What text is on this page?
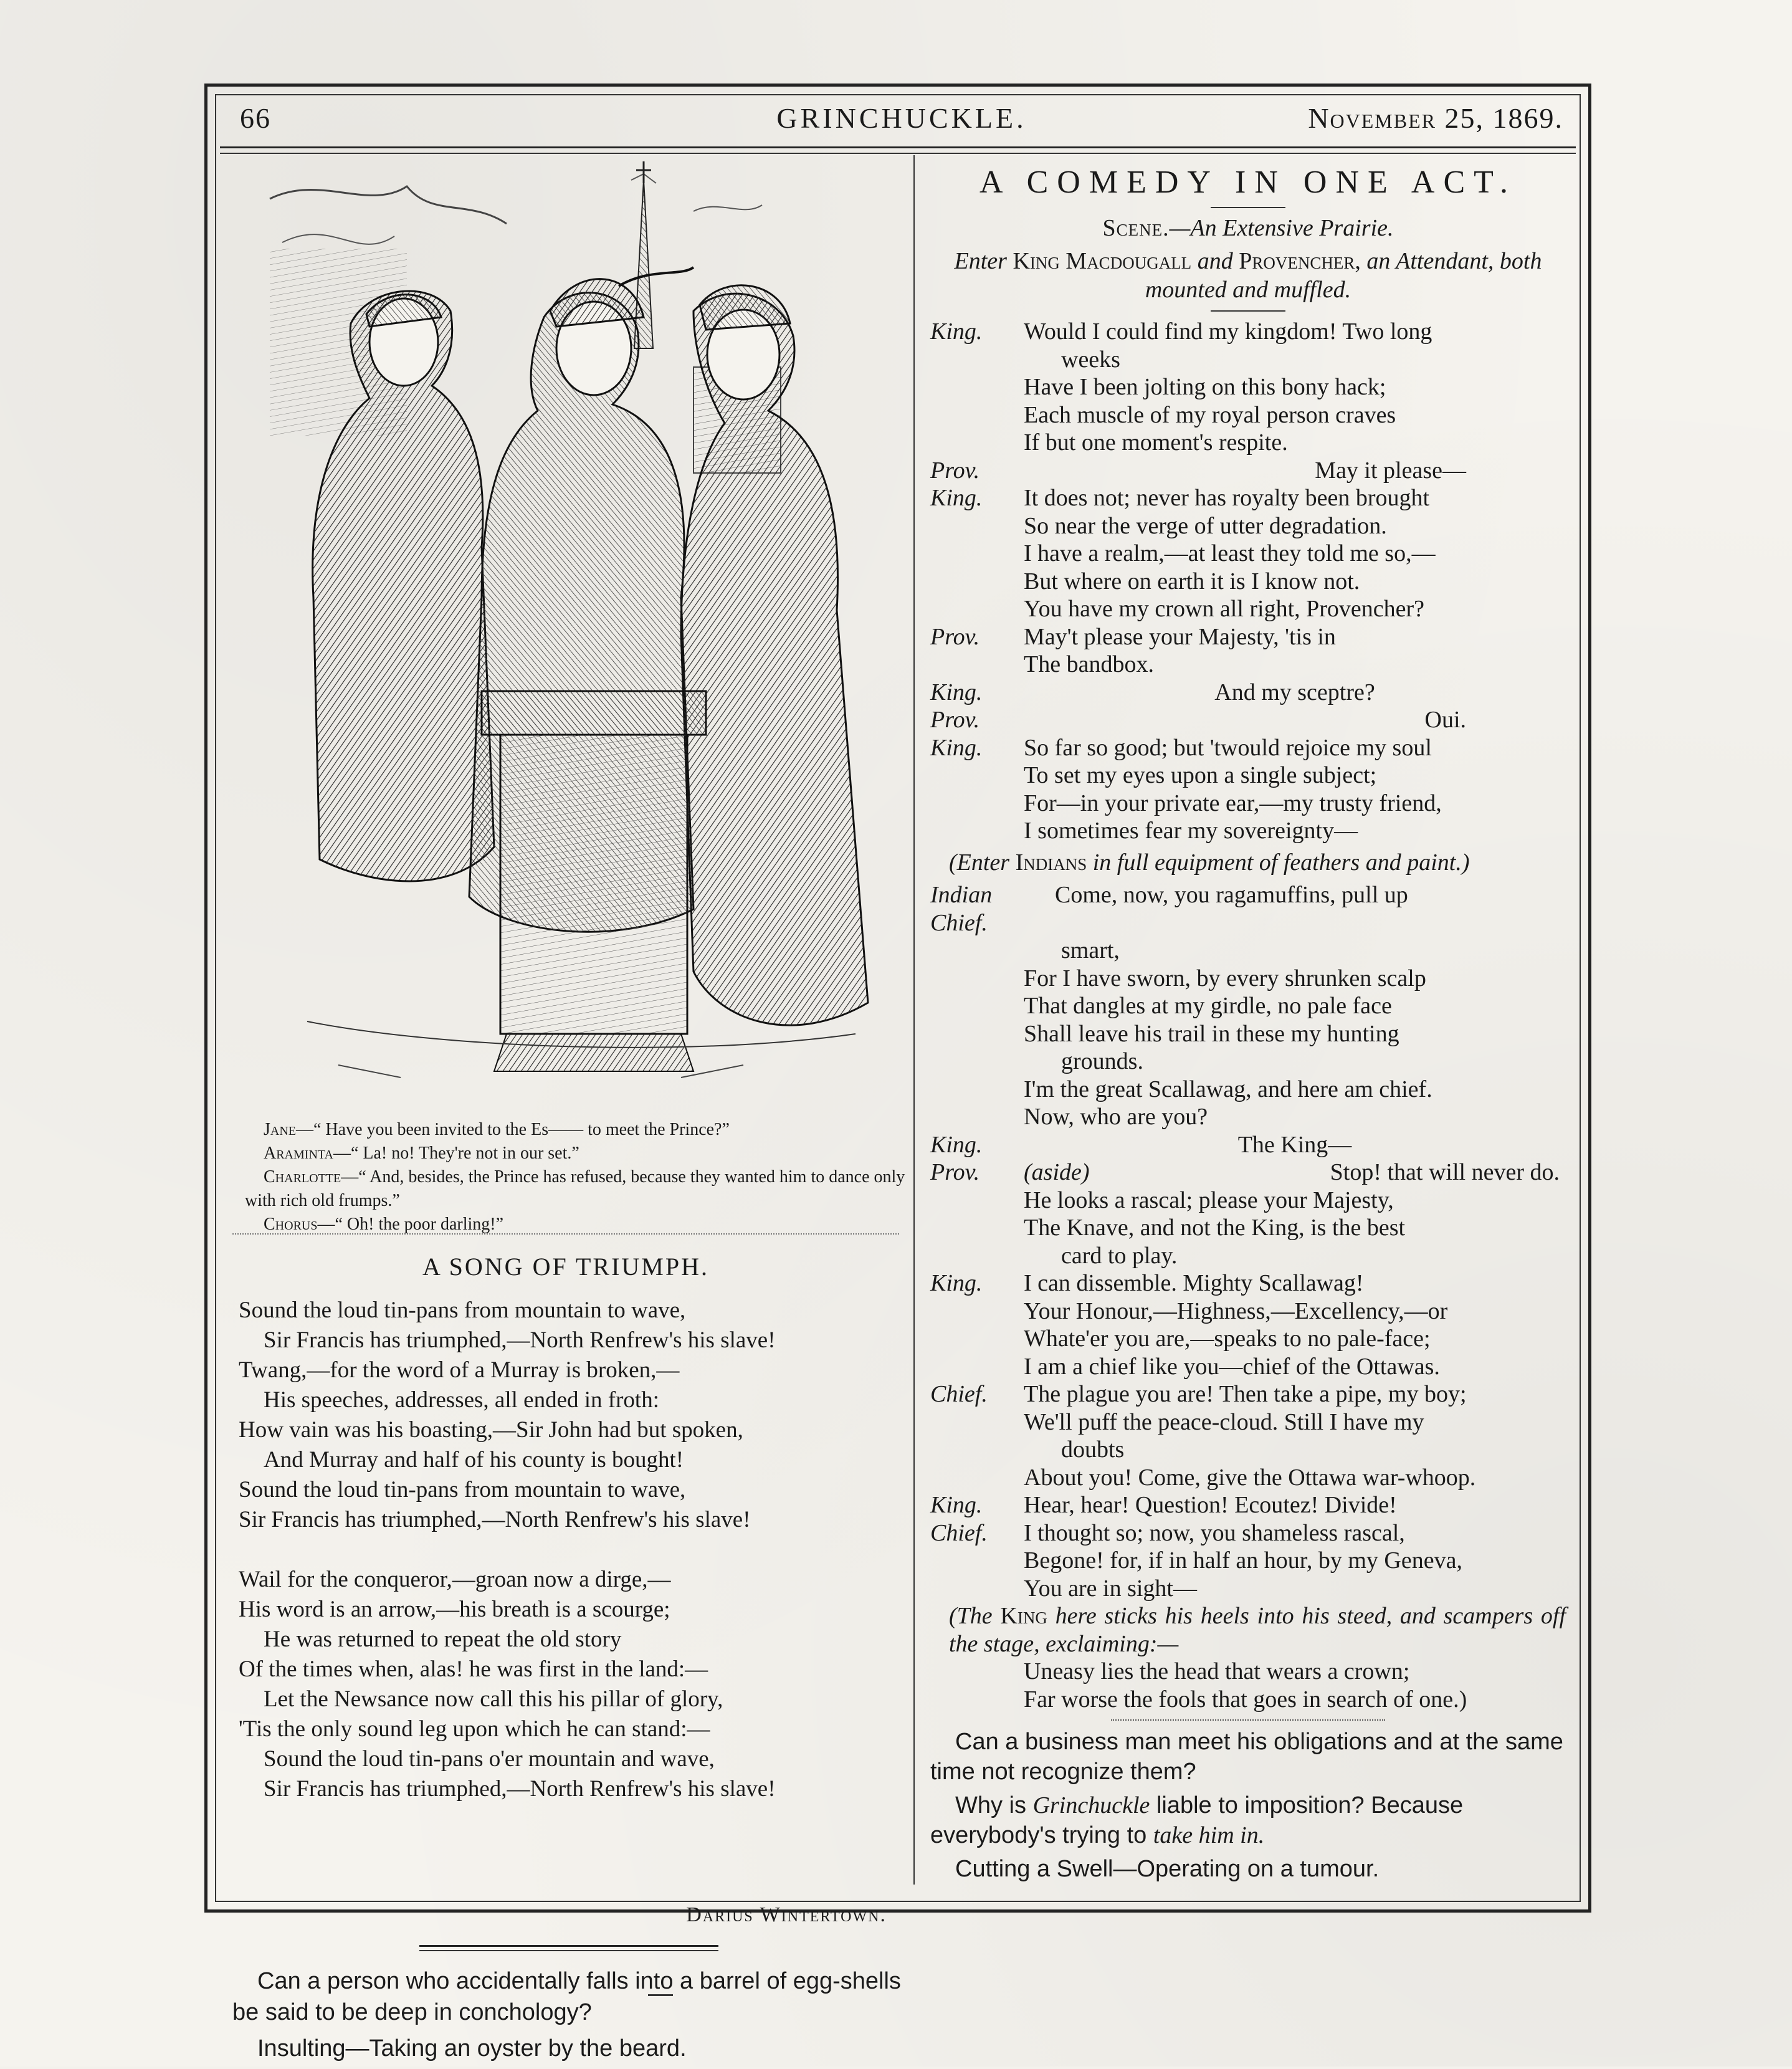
66	GRINCHUCKLE.	November 25, 1869.

Jane—“ Have you been invited to the Es—— to meet the Prince?”

Araminta—“ La! no! They're not in our set.”

Charlotte—“ And, besides, the Prince has refused, because they wanted him to dance only with rich old frumps.”

Chorus—“ Oh! the poor darling!”

A SONG OF TRIUMPH.
Sound the loud tin-pans from mountain to wave,
Sir Francis has triumphed,—North Renfrew's his slave!
Twang,—for the word of a Murray is broken,—
His speeches, addresses, all ended in froth:
How vain was his boasting,—Sir John had but spoken,
And Murray and half of his county is bought!
Sound the loud tin-pans from mountain to wave,
Sir Francis has triumphed,—North Renfrew's his slave!
Wail for the conqueror,—groan now a dirge,—
His word is an arrow,—his breath is a scourge;
He was returned to repeat the old story
Of the times when, alas! he was first in the land:—
Let the Newsance now call this his pillar of glory,
'Tis the only sound leg upon which he can stand:—
Sound the loud tin-pans o'er mountain and wave,
Sir Francis has triumphed,—North Renfrew's his slave!
Darius Wintertown.

Can a person who accidentally falls into a barrel of egg-shells be said to be deep in conchology?

Insulting—Taking an oyster by the beard.

A COMEDY IN ONE ACT.
Scene.—An Extensive Prairie.
Enter King Macdougall and Provencher, an Attendant, both mounted and muffled.
King.	Would I could find my kingdom! Two long
weeks
Have I been jolting on this bony hack;
Each muscle of my royal person craves
If but one moment's respite.
Prov.	May it please—
King.	It does not; never has royalty been brought
So near the verge of utter degradation.
I have a realm,—at least they told me so,—
But where on earth it is I know not.
You have my crown all right, Provencher?
Prov.	May't please your Majesty, 'tis in
The bandbox.
King.	And my sceptre?
Prov.	Oui.
King.	So far so good; but 'twould rejoice my soul
To set my eyes upon a single subject;
For—in your private ear,—my trusty friend,
I sometimes fear my sovereignty—
(Enter Indians in full equipment of feathers and paint.)
Indian Chief.
Come, now, you ragamuffins, pull up
smart,
For I have sworn, by every shrunken scalp
That dangles at my girdle, no pale face
Shall leave his trail in these my hunting
grounds.
I'm the great Scallawag, and here am chief.
Now, who are you?
King.	The King—
Prov.	(aside)	Stop! that will never do.
He looks a rascal; please your Majesty,
The Knave, and not the King, is the best
card to play.
King.	I can dissemble. Mighty Scallawag!
Your Honour,—Highness,—Excellency,—or
Whate'er you are,—speaks to no pale-face;
I am a chief like you—chief of the Ottawas.
Chief.	The plague you are! Then take a pipe, my boy;
We'll puff the peace-cloud. Still I have my
doubts
About you! Come, give the Ottawa war-whoop.
King.	Hear, hear! Question! Ecoutez! Divide!
Chief.	I thought so; now, you shameless rascal,
Begone! for, if in half an hour, by my Geneva,
You are in sight—
(The King here sticks his heels into his steed, and scampers off the stage, exclaiming:—
Uneasy lies the head that wears a crown;
Far worse the fools that goes in search of one.)

Can a business man meet his obligations and at the same time not recognize them?

Why is Grinchuckle liable to imposition? Because everybody's trying to take him in.

Cutting a Swell—Operating on a tumour.
